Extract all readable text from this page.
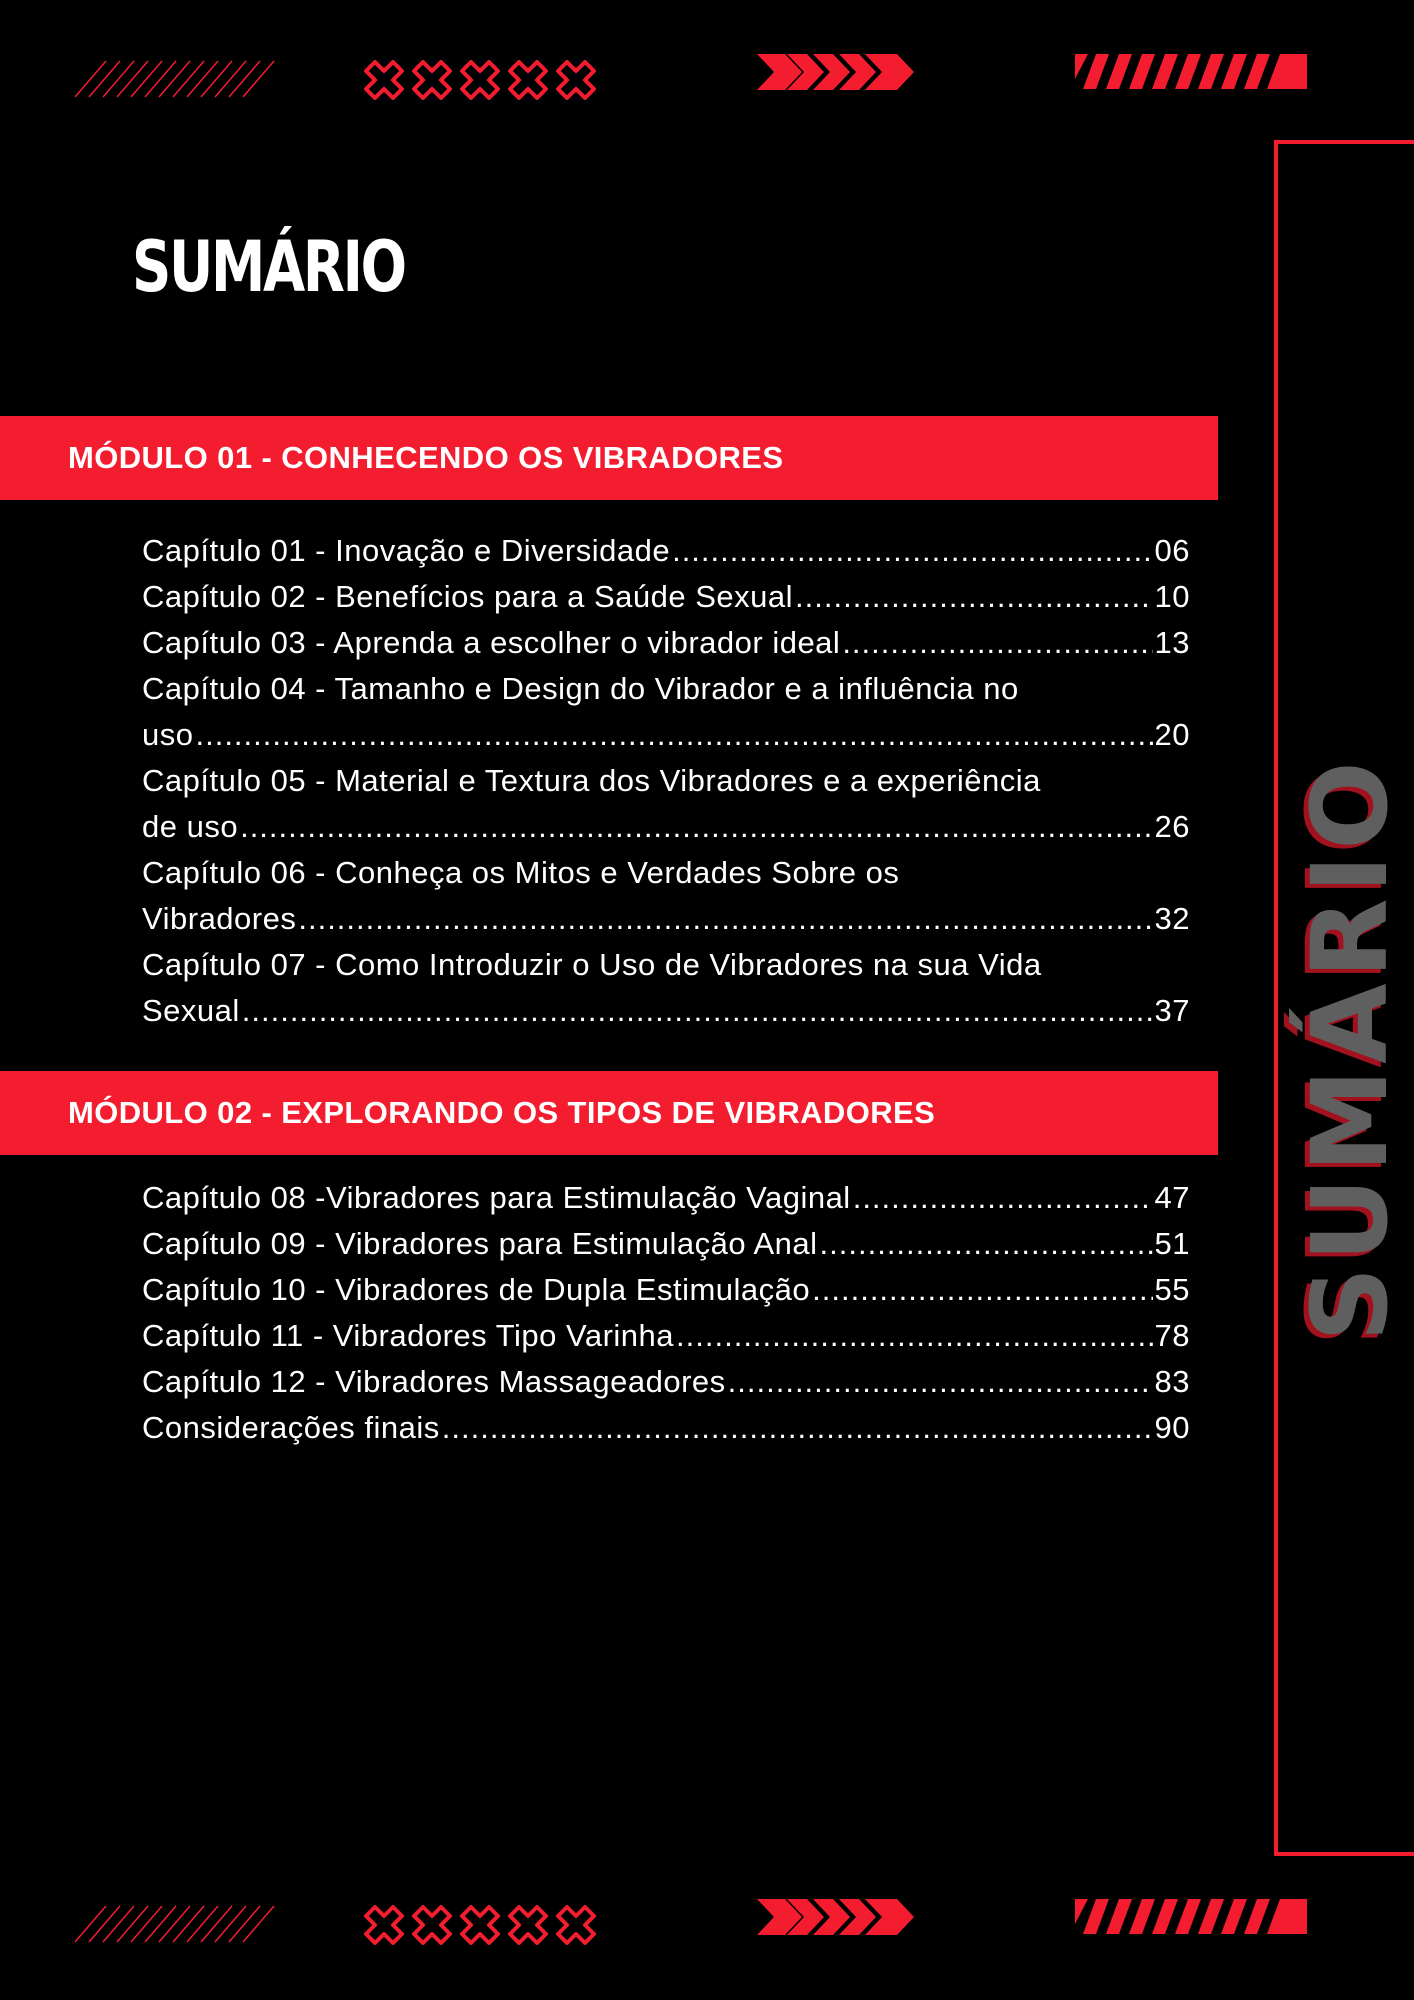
SUMÁRIO
SUMÁRIO
MÓDULO 01 - CONHECENDO OS VIBRADORES
Capítulo 01 - Inovação e Diversidade .....	06
Capítulo 02 - Benefícios para a Saúde Sexual .....	10
Capítulo 03 - Aprenda a escolher o vibrador ideal .....	13
Capítulo 04 - Tamanho e Design do Vibrador e a influência no
uso .....	20
Capítulo 05 - Material e Textura dos Vibradores e a experiência
de uso .....	26
Capítulo 06 - Conheça os Mitos e Verdades Sobre os
Vibradores .....	32
Capítulo 07 - Como Introduzir o Uso de Vibradores na sua Vida
Sexual .....	37
MÓDULO 02 - EXPLORANDO OS TIPOS DE VIBRADORES
Capítulo 08 -Vibradores para Estimulação Vaginal .....	47
Capítulo 09 - Vibradores para Estimulação Anal .....	51
Capítulo 10 - Vibradores de Dupla Estimulação .....	55
Capítulo 11 - Vibradores Tipo Varinha .....	78
Capítulo 12 - Vibradores Massageadores .....	83
Considerações finais .....	90
